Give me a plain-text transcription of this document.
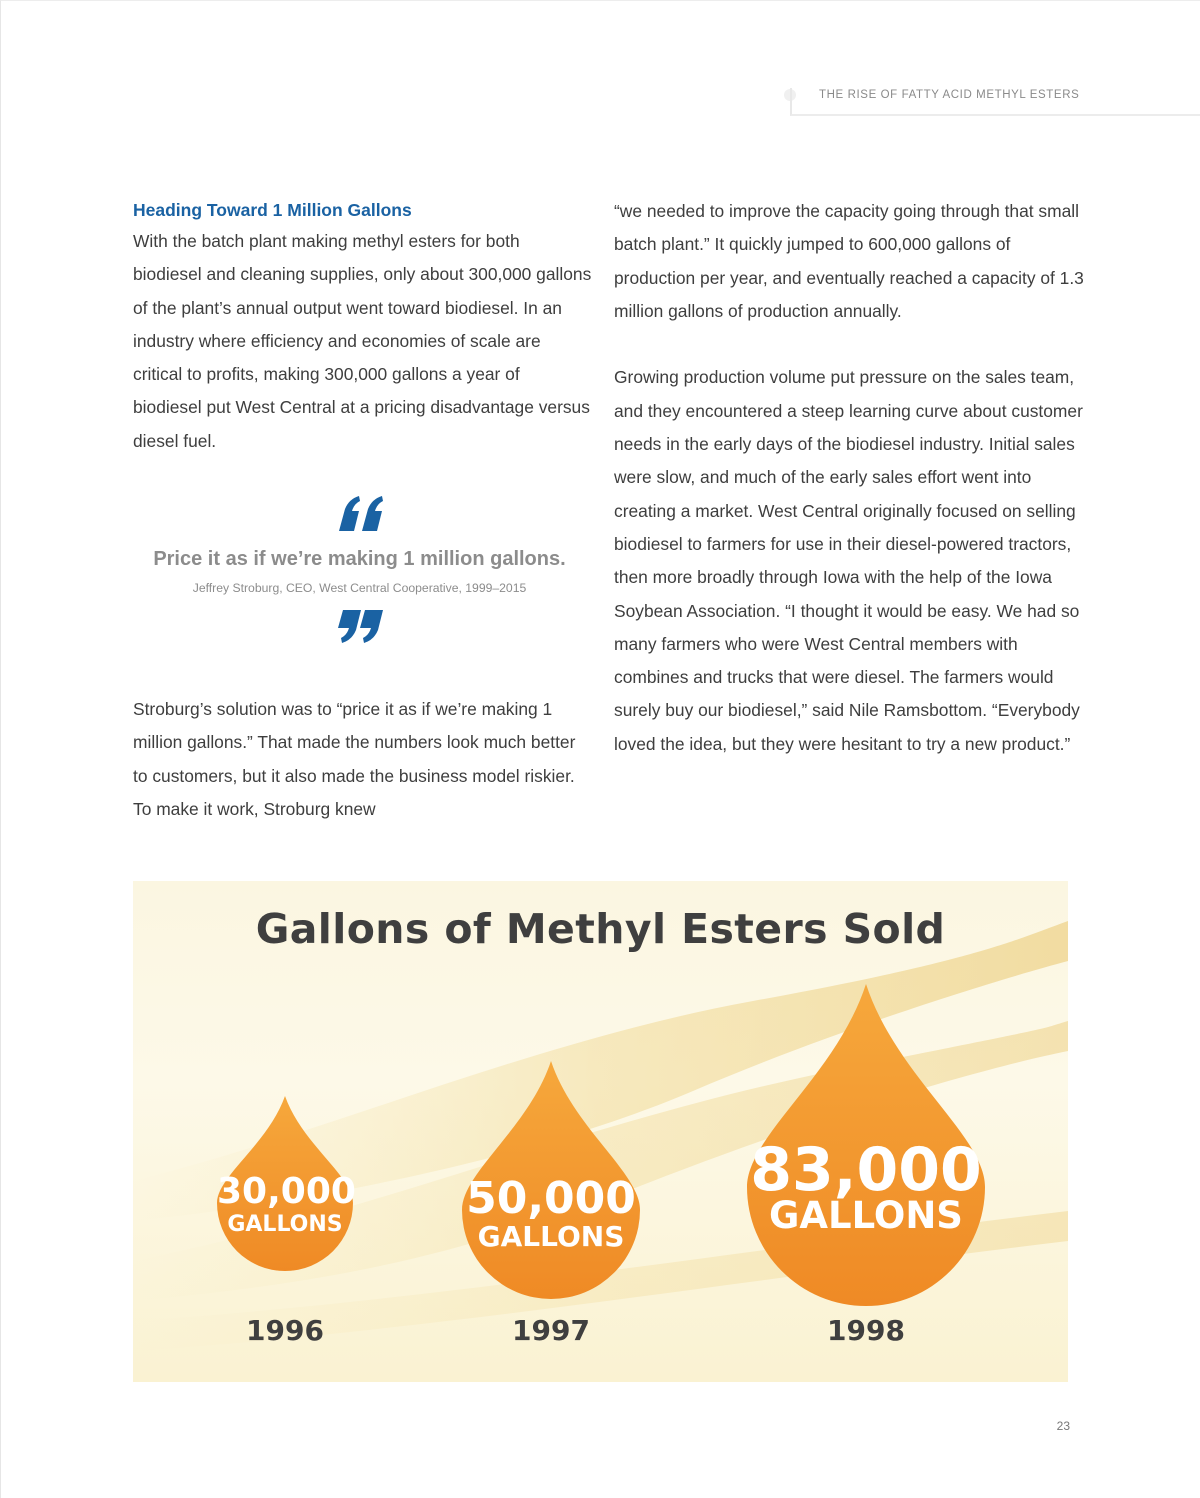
THE RISE OF FATTY ACID METHYL ESTERS

Heading Toward 1 Million Gallons

With the batch plant making methyl esters for both biodiesel and cleaning supplies, only about 300,000 gallons of the plant’s annual output went toward biodiesel. In an industry where efficiency and economies of scale are critical to profits, making 300,000 gallons a year of biodiesel put West Central at a pricing disadvantage versus diesel fuel.

Price it as if we’re making 1 million gallons.

Jeffrey Stroburg, CEO, West Central Cooperative, 1999–2015

Stroburg’s solution was to “price it as if we’re making 1 million gallons.” That made the numbers look much better to customers, but it also made the business model riskier. To make it work, Stroburg knew

“we needed to improve the capacity going through that small batch plant.” It quickly jumped to 600,000 gallons of production per year, and eventually reached a capacity of 1.3 million gallons of production annually.

Growing production volume put pressure on the sales team, and they encountered a steep learning curve about customer needs in the early days of the biodiesel industry. Initial sales were slow, and much of the early sales effort went into creating a market. West Central originally focused on selling biodiesel to farmers for use in their diesel-powered tractors, then more broadly through Iowa with the help of the Iowa Soybean Association. “I thought it would be easy. We had so many farmers who were West Central members with combines and trucks that were diesel. The farmers would surely buy our biodiesel,” said Nile Ramsbottom. “Everybody loved the idea, but they were hesitant to try a new product.”

Gallons of Methyl Esters Sold
30,000
GALLONS
1996
50,000
GALLONS
1997
83,000
GALLONS
1998
23
